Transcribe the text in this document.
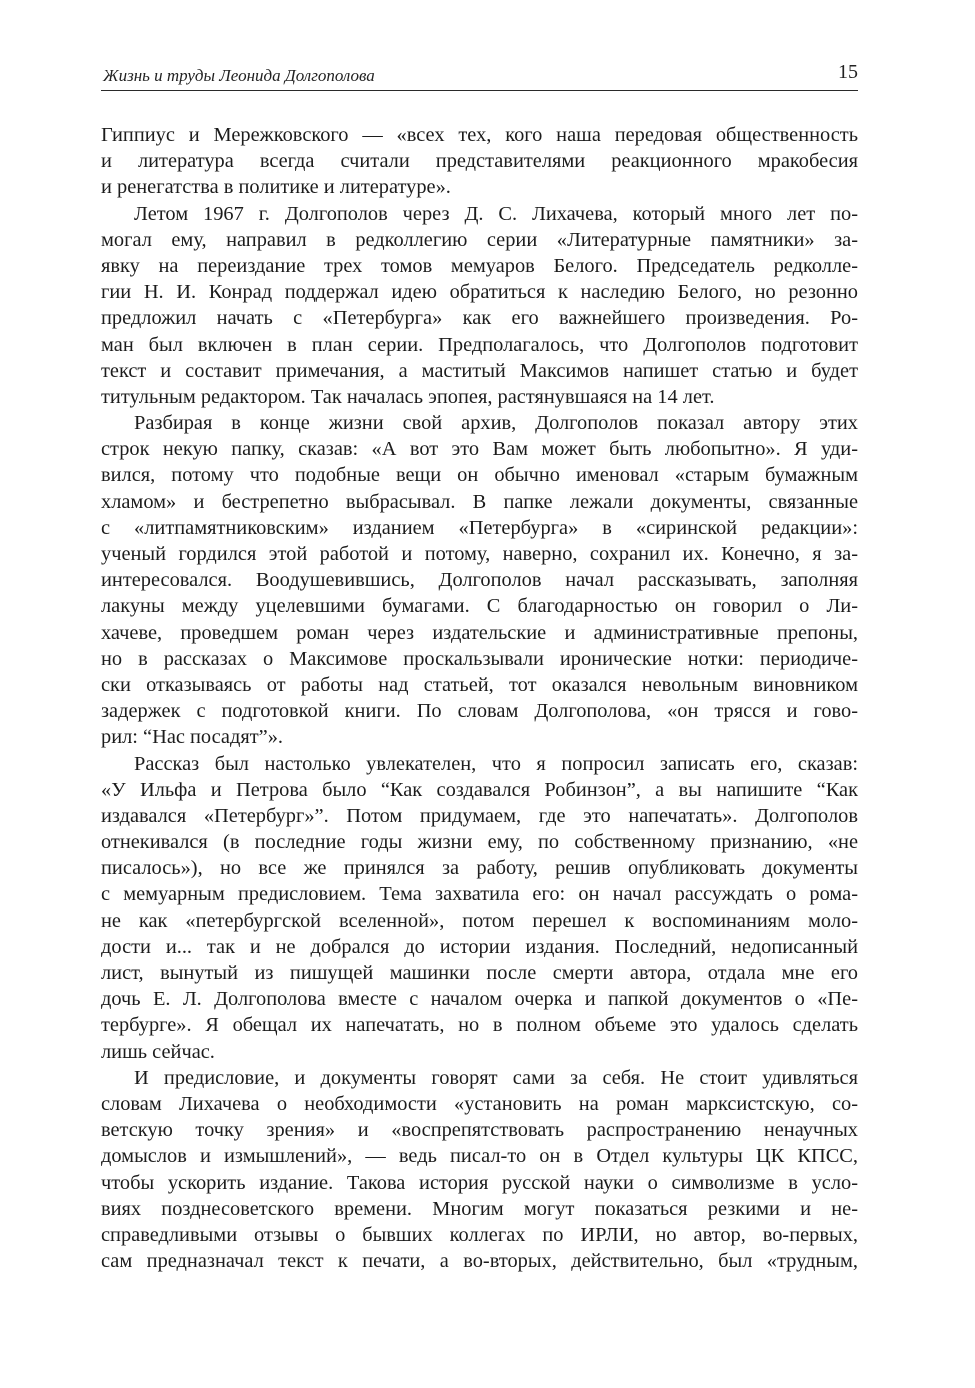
Жизнь и труды Леонида Долгополова	15
Гиппиус и Мережковского — «всех тех, кого наша передовая общественность
и литература всегда считали представителями реакционного мракобесия
и ренегатства в политике и литературе».
Летом 1967 г. Долгополов через Д. С. Лихачева, который много лет по-
могал ему, направил в редколлегию серии «Литературные памятники» за-
явку на переиздание трех томов мемуаров Белого. Председатель редколле-
гии Н. И. Конрад поддержал идею обратиться к наследию Белого, но резонно
предложил начать с «Петербурга» как его важнейшего произведения. Ро-
ман был включен в план серии. Предполагалось, что Долгополов подготовит
текст и составит примечания, а маститый Максимов напишет статью и будет
титульным редактором. Так началась эпопея, растянувшаяся на 14 лет.
Разбирая в конце жизни свой архив, Долгополов показал автору этих
строк некую папку, сказав: «А вот это Вам может быть любопытно». Я уди-
вился, потому что подобные вещи он обычно именовал «старым бумажным
хламом» и бестрепетно выбрасывал. В папке лежали документы, связанные
с «литпамятниковским» изданием «Петербурга» в «сиринской редакции»:
ученый гордился этой работой и потому, наверно, сохранил их. Конечно, я за-
интересовался. Воодушевившись, Долгополов начал рассказывать, заполняя
лакуны между уцелевшими бумагами. С благодарностью он говорил о Ли-
хачеве, проведшем роман через издательские и административные препоны,
но в рассказах о Максимове проскальзывали иронические нотки: периодиче-
ски отказываясь от работы над статьей, тот оказался невольным виновником
задержек с подготовкой книги. По словам Долгополова, «он трясся и гово-
рил: “Нас посадят”».
Рассказ был настолько увлекателен, что я попросил записать его, сказав:
«У Ильфа и Петрова было “Как создавался Робинзон”, а вы напишите “Как
издавался «Петербург»”. Потом придумаем, где это напечатать». Долгополов
отнекивался (в последние годы жизни ему, по собственному признанию, «не
писалось»), но все же принялся за работу, решив опубликовать документы
с мемуарным предисловием. Тема захватила его: он начал рассуждать о рома-
не как «петербургской вселенной», потом перешел к воспоминаниям моло-
дости и... так и не добрался до истории издания. Последний, недописанный
лист, вынутый из пишущей машинки после смерти автора, отдала мне его
дочь Е. Л. Долгополова вместе с началом очерка и папкой документов о «Пе-
тербурге». Я обещал их напечатать, но в полном объеме это удалось сделать
лишь сейчас.
И предисловие, и документы говорят сами за себя. Не стоит удивляться
словам Лихачева о необходимости «установить на роман марксистскую, со-
ветскую точку зрения» и «воспрепятствовать распространению ненаучных
домыслов и измышлений», — ведь писал-то он в Отдел культуры ЦК КПСС,
чтобы ускорить издание. Такова история русской науки о символизме в усло-
виях позднесоветского времени. Многим могут показаться резкими и не-
справедливыми отзывы о бывших коллегах по ИРЛИ, но автор, во-первых,
сам предназначал текст к печати, а во-вторых, действительно, был «трудным,
